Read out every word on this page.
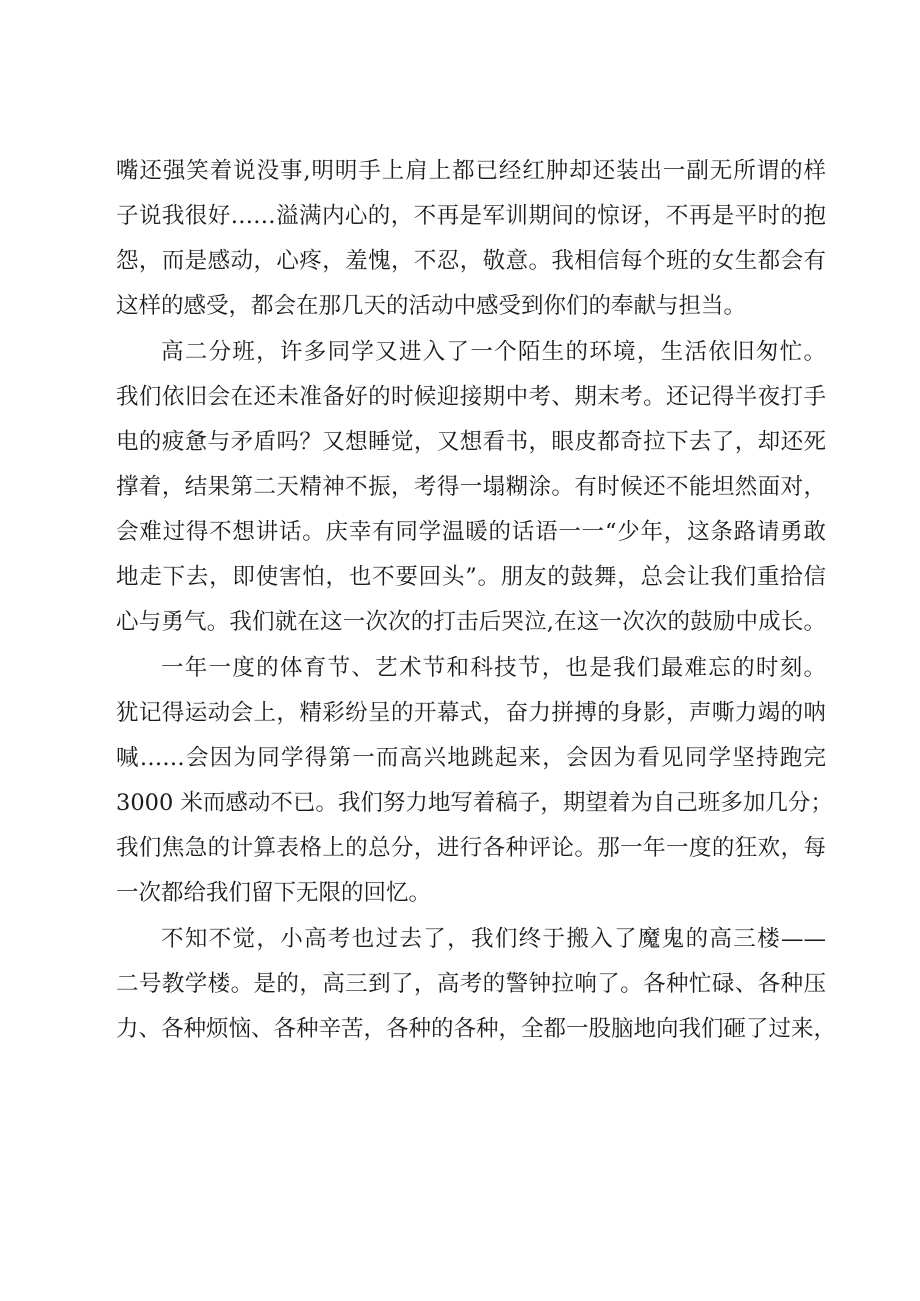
嘴还强笑着说没事,明明手上肩上都已经红肿却还装出一副无所谓的样
子说我很好……溢满内心的，不再是军训期间的惊讶，不再是平时的抱
怨，而是感动，心疼，羞愧，不忍，敬意。我相信每个班的女生都会有
这样的感受，都会在那几天的活动中感受到你们的奉献与担当。
高二分班，许多同学又进入了一个陌生的环境，生活依旧匆忙。
我们依旧会在还未准备好的时候迎接期中考、期末考。还记得半夜打手
电的疲惫与矛盾吗？又想睡觉，又想看书，眼皮都奇拉下去了，却还死
撑着，结果第二天精神不振，考得一塌糊涂。有时候还不能坦然面对，
会难过得不想讲话。庆幸有同学温暖的话语一一“少年，这条路请勇敢
地走下去，即使害怕，也不要回头”。朋友的鼓舞，总会让我们重拾信
心与勇气。我们就在这一次次的打击后哭泣,在这一次次的鼓励中成长。
一年一度的体育节、艺术节和科技节，也是我们最难忘的时刻。
犹记得运动会上，精彩纷呈的开幕式，奋力拼搏的身影，声嘶力竭的呐
喊……会因为同学得第一而高兴地跳起来，会因为看见同学坚持跑完
3000 米而感动不已。我们努力地写着稿子，期望着为自己班多加几分；
我们焦急的计算表格上的总分，进行各种评论。那一年一度的狂欢，每
一次都给我们留下无限的回忆。
不知不觉，小高考也过去了，我们终于搬入了魔鬼的高三楼——
二号教学楼。是的，高三到了，高考的警钟拉响了。各种忙碌、各种压
力、各种烦恼、各种辛苦，各种的各种，全都一股脑地向我们砸了过来，
